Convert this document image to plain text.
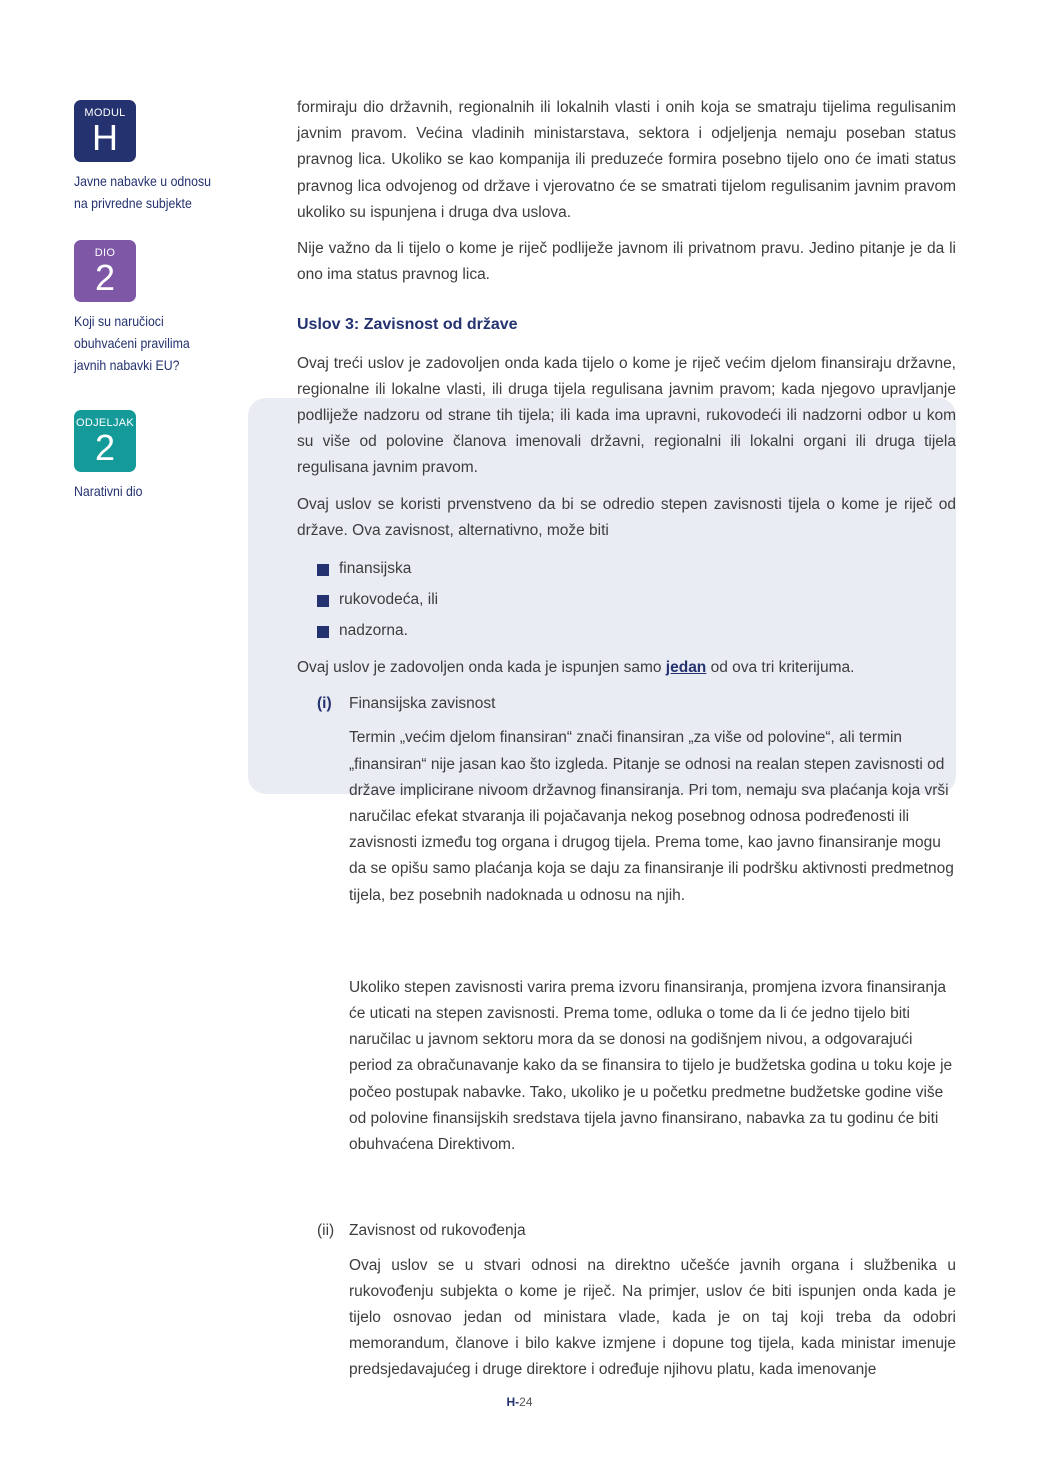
MODUL
H
Javne nabavke u odnosu na privredne subjekte
DIO
2
Koji su naručioci obuhvaćeni pravilima javnih nabavki EU?
ODJELJAK
2
Narativni dio

formiraju dio državnih, regionalnih ili lokalnih vlasti i onih koja se smatraju tijelima regulisanim javnim pravom. Većina vladinih ministarstava, sektora i odjeljenja nemaju poseban status pravnog lica. Ukoliko se kao kompanija ili preduzeće formira posebno tijelo ono će imati status pravnog lica odvojenog od države i vjerovatno će se smatrati tijelom regulisanim javnim pravom ukoliko su ispunjena i druga dva uslova.

Nije važno da li tijelo o kome je riječ podliježe javnom ili privatnom pravu. Jedino pitanje je da li ono ima status pravnog lica.

Uslov 3: Zavisnost od države

Ovaj treći uslov je zadovoljen onda kada tijelo o kome je riječ većim djelom finansiraju državne, regionalne ili lokalne vlasti, ili druga tijela regulisana javnim pravom; kada njegovo upravljanje podliježe nadzoru od strane tih tijela; ili kada ima upravni, rukovodeći ili nadzorni odbor u kom su više od polovine članova imenovali državni, regionalni ili lokalni organi ili druga tijela regulisana javnim pravom.

Ovaj uslov se koristi prvenstveno da bi se odredio stepen zavisnosti tijela o kome je riječ od države. Ova zavisnost, alternativno, može biti

finansijska
rukovodeća, ili
nadzorna.

Ovaj uslov je zadovoljen onda kada je ispunjen samo jedan od ova tri kriterijuma.

(i)	Finansijska zavisnost

Termin „većim djelom finansiran“ znači finansiran „za više od polovine“, ali termin „finansiran“ nije jasan kao što izgleda. Pitanje se odnosi na realan stepen zavisnosti od države implicirane nivoom državnog finansiranja. Pri tom, nemaju sva plaćanja koja vrši naručilac efekat stvaranja ili pojačavanja nekog posebnog odnosa podređenosti ili zavisnosti između tog organa i drugog tijela. Prema tome, kao javno finansiranje mogu da se opišu samo plaćanja koja se daju za finansiranje ili podršku aktivnosti predmetnog tijela, bez posebnih nadoknada u odnosu na njih.

Ukoliko stepen zavisnosti varira prema izvoru finansiranja, promjena izvora finansiranja će uticati na stepen zavisnosti. Prema tome, odluka o tome da li će jedno tijelo biti naručilac u javnom sektoru mora da se donosi na godišnjem nivou, a odgovarajući period za obračunavanje kako da se finansira to tijelo je budžetska godina u toku koje je počeo postupak nabavke. Tako, ukoliko je u početku predmetne budžetske godine više od polovine finansijskih sredstava tijela javno finansirano, nabavka za tu godinu će biti obuhvaćena Direktivom.

(ii) Zavisnost od rukovođenja

Ovaj uslov se u stvari odnosi na direktno učešće javnih organa i službenika u rukovođenju subjekta o kome je riječ. Na primjer, uslov će biti ispunjen onda kada je tijelo osnovao jedan od ministara vlade, kada je on taj koji treba da odobri memorandum, članove i bilo kakve izmjene i dopune tog tijela, kada ministar imenuje predsjedavajućeg i druge direktore i određuje njihovu platu, kada imenovanje

H-24
